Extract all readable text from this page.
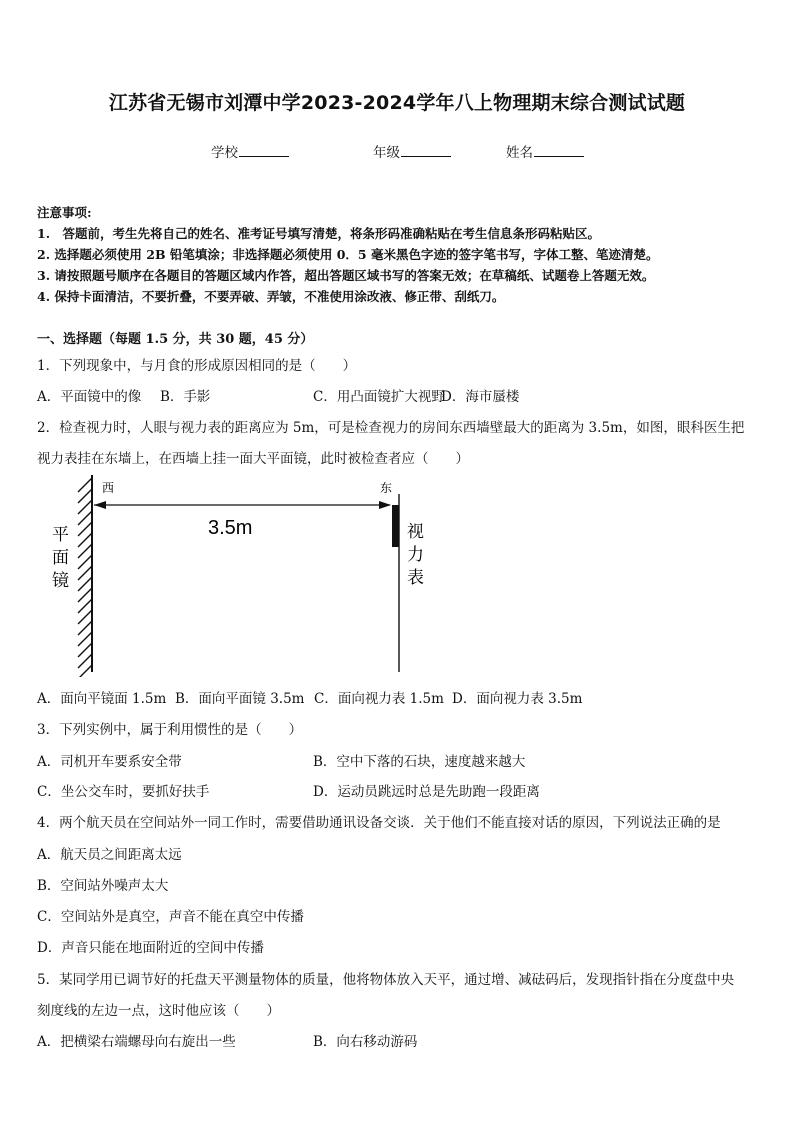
江苏省无锡市刘潭中学2023-2024学年八上物理期末综合测试试题
学校	年级	姓名
注意事项:
1.　答题前，考生先将自己的姓名、准考证号填写清楚，将条形码准确粘贴在考生信息条形码粘贴区。
2. 选择题必须使用 2B 铅笔填涂；非选择题必须使用 0．5 毫米黑色字迹的签字笔书写，字体工整、笔迹清楚。
3. 请按照题号顺序在各题目的答题区域内作答，超出答题区域书写的答案无效；在草稿纸、试题卷上答题无效。
4. 保持卡面清洁，不要折叠，不要弄破、弄皱，不准使用涂改液、修正带、刮纸刀。
一、选择题（每题 1.5 分，共 30 题，45 分）
1．下列现象中，与月食的形成原因相同的是（　　）
A．平面镜中的像 B．手影	C．用凸面镜扩大视野
D．海市蜃楼
2．检查视力时，人眼与视力表的距离应为 5m，可是检查视力的房间东西墙壁最大的距离为 3.5m，如图，眼科医生把
视力表挂在东墙上，在西墙上挂一面大平面镜，此时被检查者应（　　）
西	东
3.5m
平
面
镜
视
力
表
A．面向平镜面 1.5m B．面向平面镜 3.5m C．面向视力表 1.5m D．面向视力表 3.5m
3．下列实例中，属于利用惯性的是（　　）
A．司机开车要系安全带	B．空中下落的石块，速度越来越大
C．坐公交车时，要抓好扶手	D．运动员跳远时总是先助跑一段距离
4．两个航天员在空间站外一同工作时，需要借助通讯设备交谈．关于他们不能直接对话的原因，下列说法正确的是
A．航天员之间距离太远
B．空间站外噪声太大
C．空间站外是真空，声音不能在真空中传播
D．声音只能在地面附近的空间中传播
5．某同学用已调节好的托盘天平测量物体的质量，他将物体放入天平，通过增、减砝码后，发现指针指在分度盘中央
刻度线的左边一点，这时他应该（　　）
A．把横梁右端螺母向右旋出一些	B．向右移动游码
